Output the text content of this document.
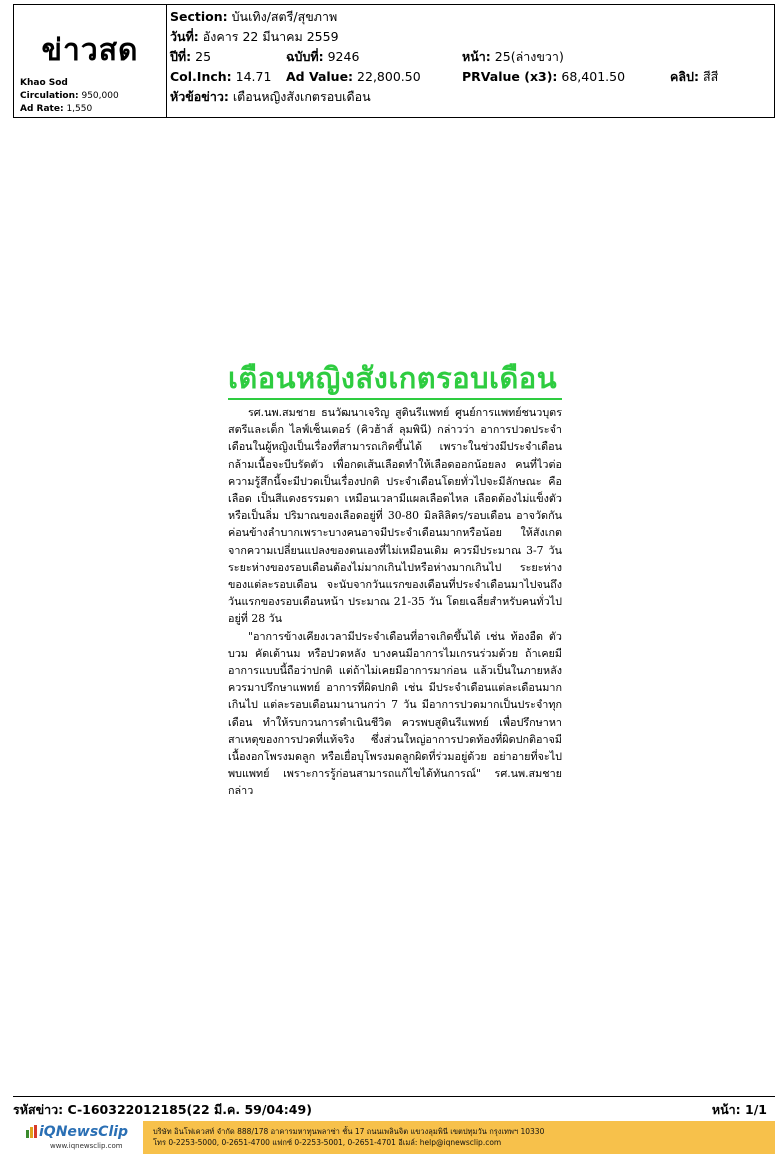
ข่าวสด
Khao Sod
Circulation: 950,000
Ad Rate: 1,550
Section: บันเทิง/สตรี/สุขภาพ
วันที่: อังคาร 22 มีนาคม 2559
ปีที่: 25	ฉบับที่: 9246	หน้า: 25(ล่างขวา)
Col.Inch: 14.71 Ad Value: 22,800.50	PRValue (x3): 68,401.50	คลิป: สีสี
หัวข้อข่าว: เตือนหญิงสังเกตรอบเดือน
เตือนหญิงสังเกตรอบเดือน

รศ.นพ.สมชาย ธนวัฒนาเจริญ สูตินรีแพทย์ ศูนย์การแพทย์ชนวบุตร สตรีและเด็ก ไลฟ์เซ็นเตอร์ (คิวฮ้าส์ ลุมพินี) กล่าวว่า อาการปวดประจำเดือนในผู้หญิงเป็นเรื่องที่สามารถเกิดขึ้นได้ เพราะในช่วงมีประจำเดือนกล้ามเนื้อจะบีบรัดตัว เพื่อกดเส้นเลือดทำให้เลือดออกน้อยลง คนที่ไวต่อความรู้สึกนี้จะมีปวดเป็นเรื่องปกติ ประจำเดือนโดยทั่วไปจะมีลักษณะ คือ เลือด เป็นสีแดงธรรมดา เหมือนเวลามีแผลเลือดไหล เลือดต้องไม่แข็งตัวหรือเป็นลิ่ม ปริมาณของเลือดอยู่ที่ 30-80 มิลลิลิตร/รอบเดือน อาจวัดกันค่อนข้างลำบากเพราะบางคนอาจมีประจำเดือนมากหรือน้อย ให้สังเกตจากความเปลี่ยนแปลงของตนเองที่ไม่เหมือนเดิม ควรมีประมาณ 3-7 วัน ระยะห่างของรอบเดือนต้องไม่มากเกินไปหรือห่างมากเกินไป ระยะห่างของแต่ละรอบเดือน จะนับจากวันแรกของเดือนที่ประจำเดือนมาไปจนถึงวันแรกของรอบเดือนหน้า ประมาณ 21-35 วัน โดยเฉลี่ยสำหรับคนทั่วไปอยู่ที่ 28 วัน

"อาการข้างเคียงเวลามีประจำเดือนที่อาจเกิดขึ้นได้ เช่น ท้องอืด ตัวบวม คัดเต้านม หรือปวดหลัง บางคนมีอาการไมเกรนร่วมด้วย ถ้าเคยมีอาการแบบนี้ถือว่าปกติ แต่ถ้าไม่เคยมีอาการมาก่อน แล้วเป็นในภายหลัง ควรมาปรึกษาแพทย์ อาการที่ผิดปกติ เช่น มีประจำเดือนแต่ละเดือนมากเกินไป แต่ละรอบเดือนมานานกว่า 7 วัน มีอาการปวดมากเป็นประจำทุกเดือน ทำให้รบกวนการดำเนินชีวิต ควรพบสูตินรีแพทย์ เพื่อปรึกษาหาสาเหตุของการปวดที่แท้จริง ซึ่งส่วนใหญ่อาการปวดท้องที่ผิดปกติอาจมีเนื้องอกโพรงมดลูก หรือเยื่อบุโพรงมดลูกผิดที่ร่วมอยู่ด้วย อย่าอายที่จะไปพบแพทย์ เพราะการรู้ก่อนสามารถแก้ไขได้ทันการณ์" รศ.นพ.สมชายกล่าว

รหัสข่าว: C-160322012185(22 มี.ค. 59/04:49)	หน้า: 1/1
iQNewsClip
www.iqnewsclip.com
บริษัท อินโฟเควสท์ จำกัด 888/178 อาคารมหาทุนพลาซ่า ชั้น 17 ถนนเพลินจิต แขวงลุมพินี เขตปทุมวัน กรุงเทพฯ 10330
โทร 0-2253-5000, 0-2651-4700 แฟกซ์ 0-2253-5001, 0-2651-4701 อีเมล์: help@iqnewsclip.com
